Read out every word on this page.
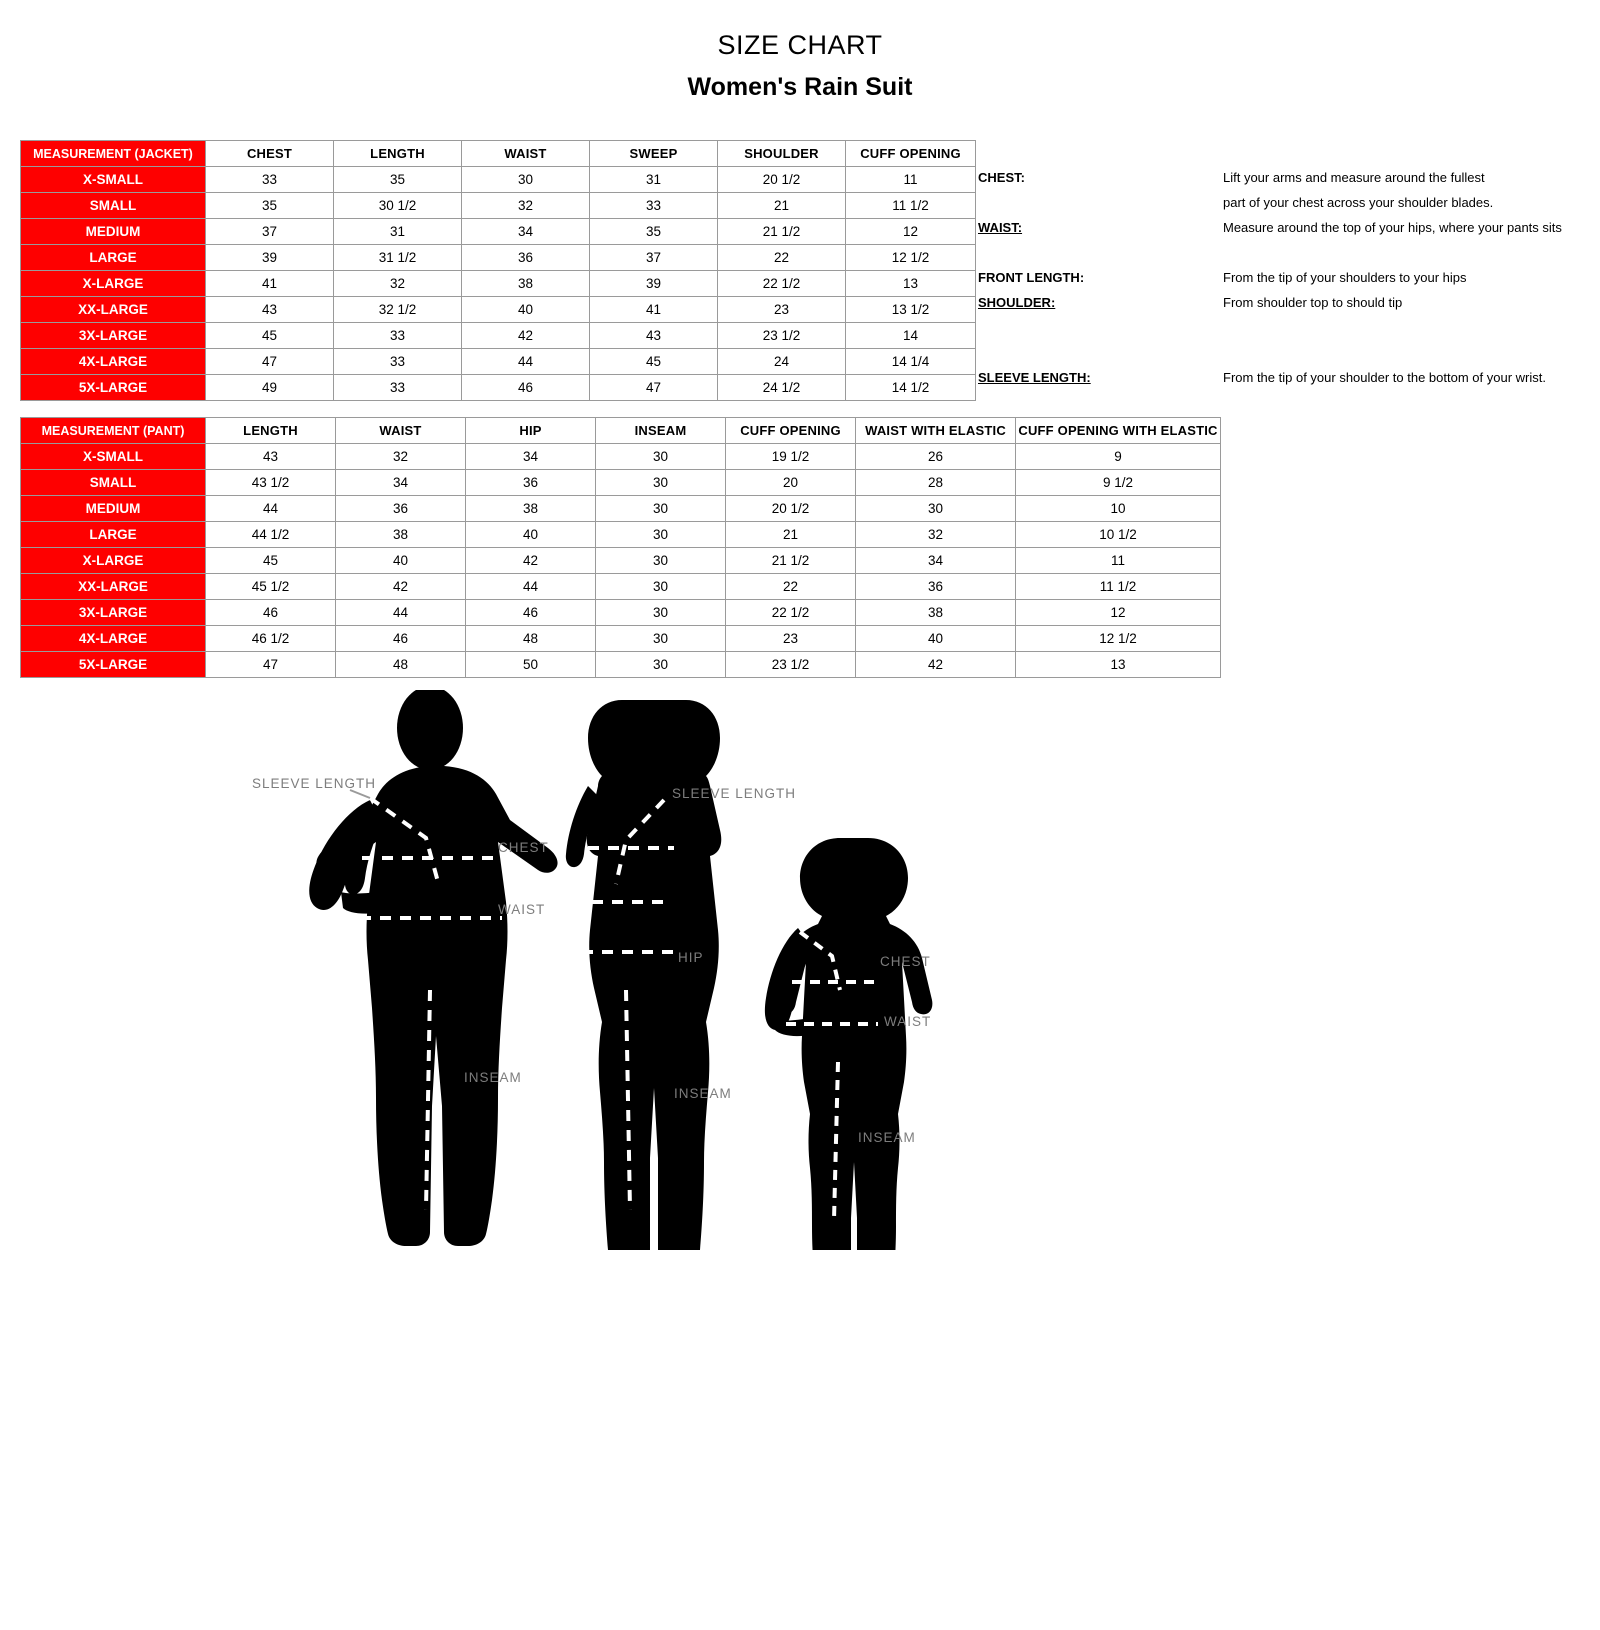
SIZE CHART
Women's Rain Suit
MEASUREMENT (JACKET)	CHEST	LENGTH	WAIST	SWEEP	SHOULDER	CUFF OPENING
X-SMALL	33	35	30	31	20 1/2	11
SMALL	35	30 1/2	32	33	21	11 1/2
MEDIUM	37	31	34	35	21 1/2	12
LARGE	39	31 1/2	36	37	22	12 1/2
X-LARGE	41	32	38	39	22 1/2	13
XX-LARGE	43	32 1/2	40	41	23	13 1/2
3X-LARGE	45	33	42	43	23 1/2	14
4X-LARGE	47	33	44	45	24	14 1/4
5X-LARGE	49	33	46	47	24 1/2	14 1/2
CHEST:	Lift your arms and measure around the fullest
part of your chest across your shoulder blades.
WAIST:	Measure around the top of your hips, where your pants sits
FRONT LENGTH:	From the tip of your shoulders to your hips
SHOULDER:	From shoulder top to should tip
SLEEVE LENGTH:	From the tip of your shoulder to the bottom of your wrist.
MEASUREMENT (PANT)	LENGTH	WAIST	HIP	INSEAM	CUFF OPENING	WAIST WITH ELASTIC	CUFF OPENING WITH ELASTIC
X-SMALL	43	32	34	30	19 1/2	26	9
SMALL	43 1/2	34	36	30	20	28	9 1/2
MEDIUM	44	36	38	30	20 1/2	30	10
LARGE	44 1/2	38	40	30	21	32	10 1/2
X-LARGE	45	40	42	30	21 1/2	34	11
XX-LARGE	45 1/2	42	44	30	22	36	11 1/2
3X-LARGE	46	44	46	30	22 1/2	38	12
4X-LARGE	46 1/2	46	48	30	23	40	12 1/2
5X-LARGE	47	48	50	30	23 1/2	42	13
SLEEVE LENGTH
CHEST
WAIST
INSEAM
SLEEVE LENGTH
HIP
INSEAM
CHEST
WAIST
INSEAM
